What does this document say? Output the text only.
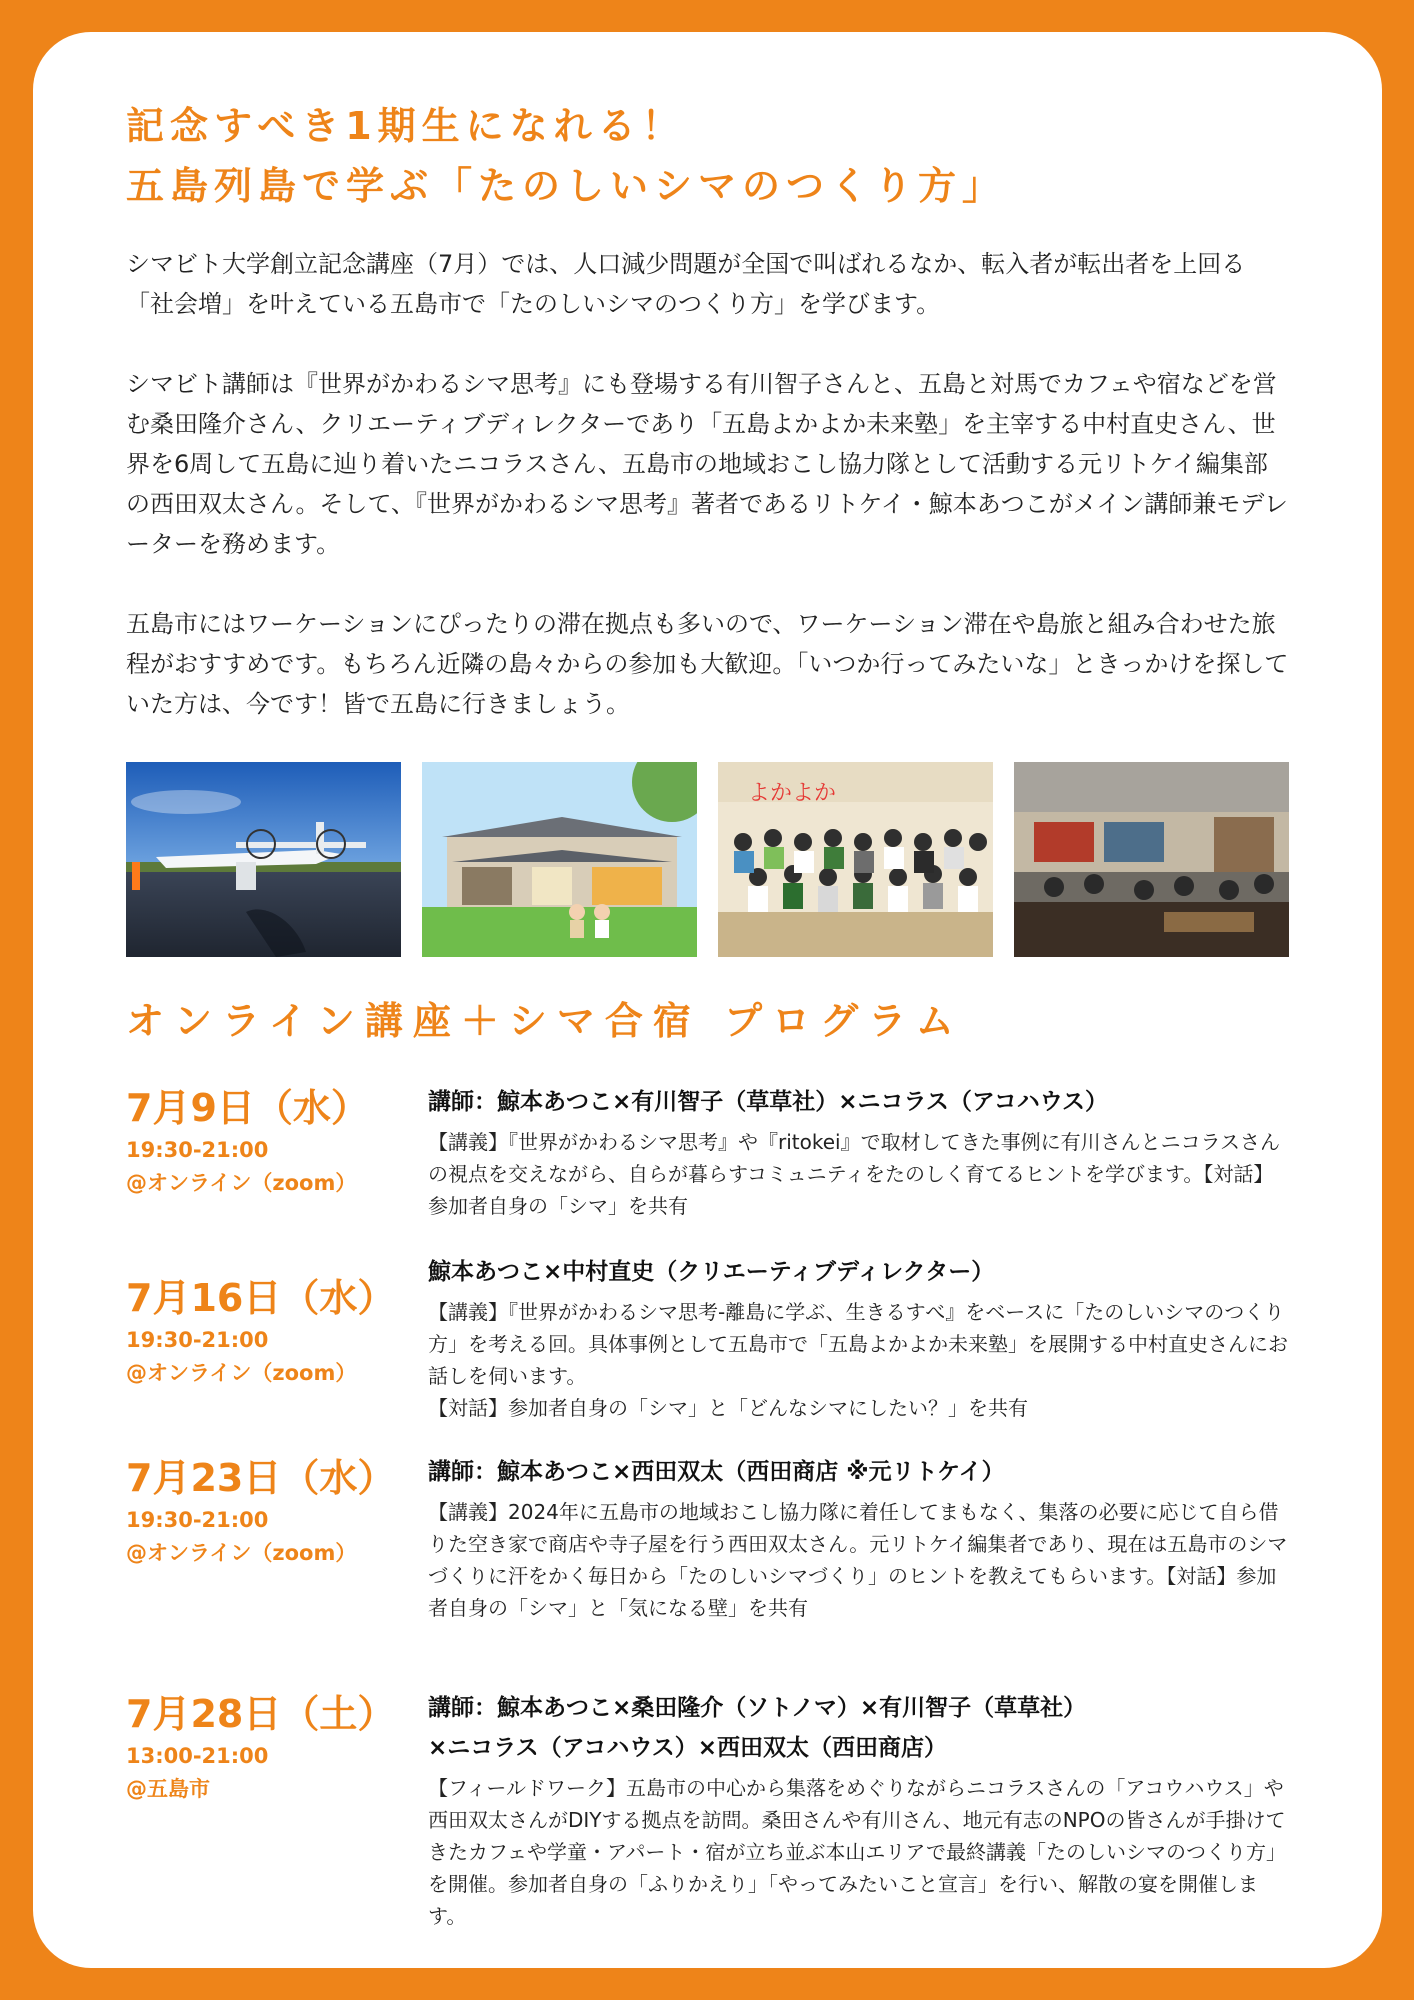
記念すべき1期生になれる！
五島列島で学ぶ「たのしいシマのつくり方」

シマビト大学創立記念講座（7月）では、人口減少問題が全国で叫ばれるなか、転入者が転出者を上回る「社会増」を叶えている五島市で「たのしいシマのつくり方」を学びます。

シマビト講師は『世界がかわるシマ思考』にも登場する有川智子さんと、五島と対馬でカフェや宿などを営む桑田隆介さん、クリエーティブディレクターであり「五島よかよか未来塾」を主宰する中村直史さん、世界を6周して五島に辿り着いたニコラスさん、五島市の地域おこし協力隊として活動する元リトケイ編集部の西田双太さん。そして、『世界がかわるシマ思考』著者であるリトケイ・鯨本あつこがメイン講師兼モデレーターを務めます。

五島市にはワーケーションにぴったりの滞在拠点も多いので、ワーケーション滞在や島旅と組み合わせた旅程がおすすめです。もちろん近隣の島々からの参加も大歓迎。「いつか行ってみたいな」ときっかけを探していた方は、今です！皆で五島に行きましょう。

よかよか
オンライン講座＋シマ合宿 プログラム
7月9日（水）
19:30-21:00
@オンライン（zoom）
講師：鯨本あつこ×有川智子（草草社）×ニコラス（アコハウス）
【講義】『世界がかわるシマ思考』や『ritokei』で取材してきた事例に有川さんとニコラスさんの視点を交えながら、自らが暮らすコミュニティをたのしく育てるヒントを学びます。【対話】参加者自身の「シマ」を共有
7月16日（水）
19:30-21:00
@オンライン（zoom）
鯨本あつこ×中村直史（クリエーティブディレクター）
【講義】『世界がかわるシマ思考-離島に学ぶ、生きるすべ』をベースに「たのしいシマのつくり方」を考える回。具体事例として五島市で「五島よかよか未来塾」を展開する中村直史さんにお話しを伺います。
【対話】参加者自身の「シマ」と「どんなシマにしたい？」を共有
7月23日（水）
19:30-21:00
@オンライン（zoom）
講師：鯨本あつこ×西田双太（西田商店 ※元リトケイ）
【講義】2024年に五島市の地域おこし協力隊に着任してまもなく、集落の必要に応じて自ら借りた空き家で商店や寺子屋を行う西田双太さん。元リトケイ編集者であり、現在は五島市のシマづくりに汗をかく毎日から「たのしいシマづくり」のヒントを教えてもらいます。【対話】参加者自身の「シマ」と「気になる壁」を共有
7月28日（土）
13:00-21:00
@五島市
講師：鯨本あつこ×桑田隆介（ソトノマ）×有川智子（草草社）
×ニコラス（アコハウス）×西田双太（西田商店）
【フィールドワーク】五島市の中心から集落をめぐりながらニコラスさんの「アコウハウス」や西田双太さんがDIYする拠点を訪問。桑田さんや有川さん、地元有志のNPOの皆さんが手掛けてきたカフェや学童・アパート・宿が立ち並ぶ本山エリアで最終講義「たのしいシマのつくり方」を開催。参加者自身の「ふりかえり」「やってみたいこと宣言」を行い、解散の宴を開催します。
